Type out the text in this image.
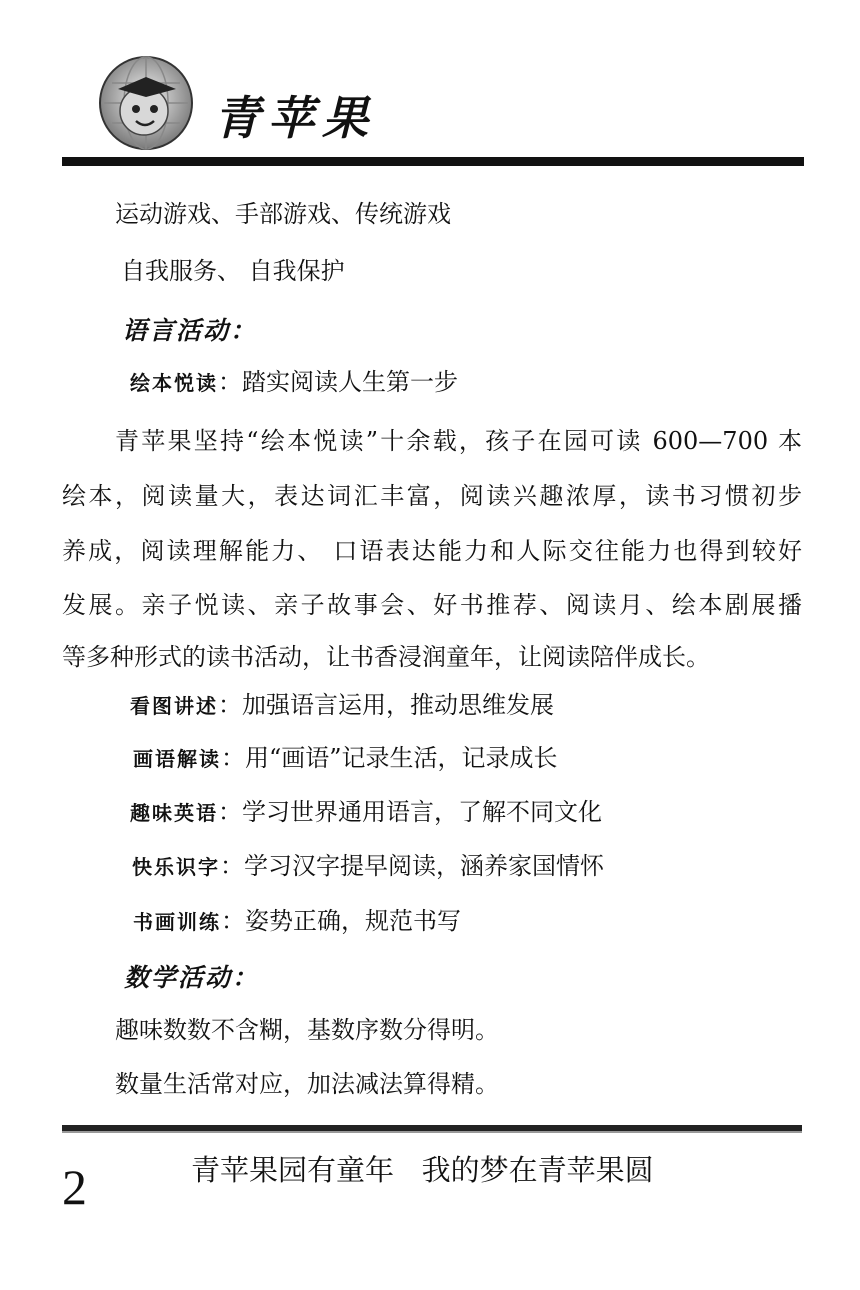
青苹果
运动游戏、手部游戏、传统游戏
自我服务、 自我保护
语言活动：
绘本悦读：踏实阅读人生第一步
青苹果坚持“绘本悦读”十余载，孩子在园可读 600—700 本
绘本，阅读量大，表达词汇丰富，阅读兴趣浓厚，读书习惯初步
养成，阅读理解能力、 口语表达能力和人际交往能力也得到较好
发展。亲子悦读、亲子故事会、好书推荐、阅读月、绘本剧展播
等多种形式的读书活动，让书香浸润童年，让阅读陪伴成长。
看图讲述：加强语言运用，推动思维发展
画语解读：用“画语”记录生活，记录成长
趣味英语：学习世界通用语言，了解不同文化
快乐识字：学习汉字提早阅读，涵养家国情怀
书画训练：姿势正确，规范书写
数学活动：
趣味数数不含糊，基数序数分得明。
数量生活常对应，加法减法算得精。
2	青苹果园有童年   我的梦在青苹果圆
